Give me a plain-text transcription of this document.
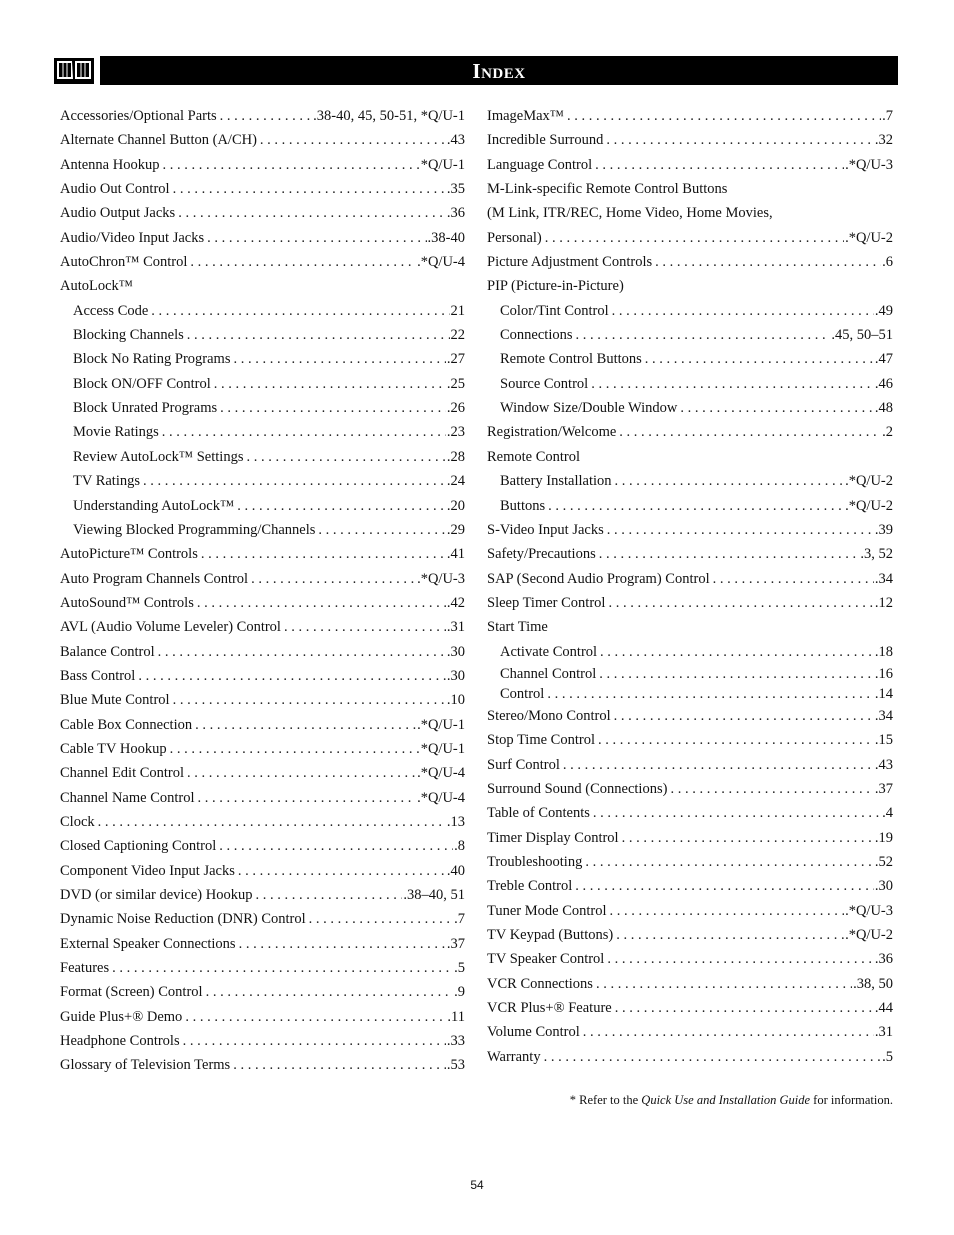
Index
Accessories/Optional Parts . . .	.38-40, 45, 50-51, *Q/U-1
Alternate Channel Button (A/CH) . . .	.43
Antenna Hookup . . .	*Q/U-1
Audio Out Control . . .	.35
Audio Output Jacks . . .	.36
Audio/Video Input Jacks . . .	.38-40
AutoChron™ Control . . .	.*Q/U-4
AutoLock™
Access Code . . .	21
Blocking Channels . . .	22
Block No Rating Programs . . .	.27
Block ON/OFF Control . . .	.25
Block Unrated Programs . . .	.26
Movie Ratings . . .	.23
Review AutoLock™ Settings . . .	.28
TV Ratings . . .	.24
Understanding AutoLock™ . . .	.20
Viewing Blocked Programming/Channels . . .	.29
AutoPicture™ Controls . . .	.41
Auto Program Channels Control . . .	.*Q/U-3
AutoSound™ Controls . . .	.42
AVL (Audio Volume Leveler) Control . . .	.31
Balance Control . . .	.30
Bass Control . . .	.30
Blue Mute Control . . .	.10
Cable Box Connection . . .	.*Q/U-1
Cable TV Hookup . . .	*Q/U-1
Channel Edit Control . . .	.*Q/U-4
Channel Name Control . . .	.*Q/U-4
Clock . . .	.13
Closed Captioning Control . . .	.8
Component Video Input Jacks . . .	.40
DVD (or similar device) Hookup . . .	.38–40, 51
Dynamic Noise Reduction (DNR) Control . . .	.7
External Speaker Connections . . .	.37
Features . . .	.5
Format (Screen) Control . . .	.9
Guide Plus+® Demo . . .	.11
Headphone Controls . . .	.33
Glossary of Television Terms . . .	.53
ImageMax™ . . .	.7
Incredible Surround . . .	.32
Language Control . . .	.*Q/U-3
M-Link-specific Remote Control Buttons
(M Link, ITR/REC, Home Video, Home Movies,
Personal) . . .	.*Q/U-2
Picture Adjustment Controls . . .	.6
PIP (Picture-in-Picture)
Color/Tint Control . . .	.49
Connections . . .	.45, 50–51
Remote Control Buttons . . .	.47
Source Control . . .	.46
Window Size/Double Window . . .	.48
Registration/Welcome . . .	.2
Remote Control
Battery Installation . . .	.*Q/U-2
Buttons . . .	.*Q/U-2
S-Video Input Jacks . . .	.39
Safety/Precautions . . .	.3, 52
SAP (Second Audio Program) Control . . .	.34
Sleep Timer Control . . .	.12
Start Time
Activate Control . . .	.18
Channel Control . . .	.16
Control . . .	.14
Stereo/Mono Control . . .	.34
Stop Time Control . . .	.15
Surf Control . . .	.43
Surround Sound (Connections) . . .	.37
Table of Contents . . .	.4
Timer Display Control . . .	.19
Troubleshooting . . .	.52
Treble Control . . .	.30
Tuner Mode Control . . .	.*Q/U-3
TV Keypad (Buttons) . . .	.*Q/U-2
TV Speaker Control . . .	.36
VCR Connections . . .	.38, 50
VCR Plus+® Feature . . .	.44
Volume Control . . .	.31
Warranty . . .	.5
* Refer to the Quick Use and Installation Guide for information.
54
